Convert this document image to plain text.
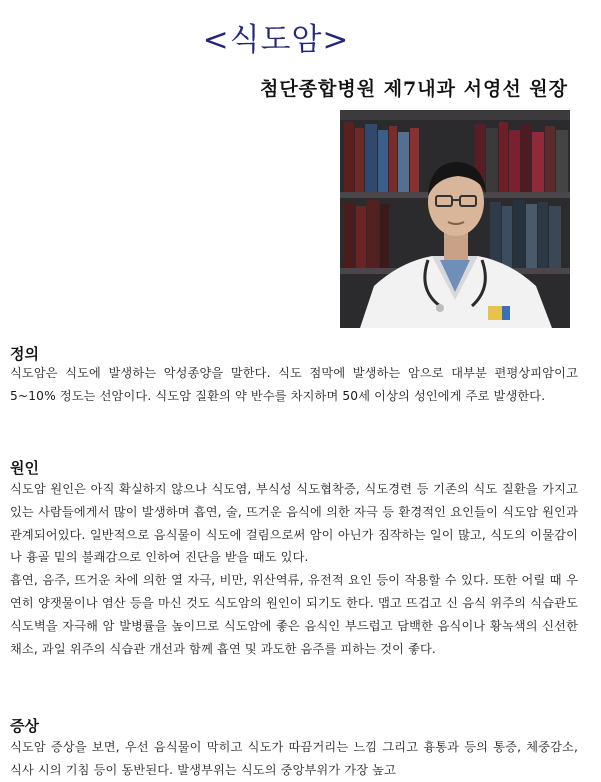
<식도암>
첨단종합병원 제7내과 서영선 원장
정의

식도암은 식도에 발생하는 악성종양을 말한다. 식도 점막에 발생하는 암으로 대부분 편평상피암이고 5~10% 정도는 선암이다. 식도암 질환의 약 반수를 차지하며 50세 이상의 성인에게 주로 발생한다.

원인

식도암 원인은 아직 확실하지 않으나 식도염, 부식성 식도협착증, 식도경련 등 기존의 식도 질환을 가지고 있는 사람들에게서 많이 발생하며 흡연, 술, 뜨거운 음식에 의한 자극 등 환경적인 요인들이 식도암 원인과 관계되어있다. 일반적으로 음식물이 식도에 걸림으로써 암이 아닌가 짐작하는 일이 많고, 식도의 이물감이나 흉골 밑의 불쾌감으로 인하여 진단을 받을 때도 있다.

흡연, 음주, 뜨거운 차에 의한 열 자극, 비만, 위산역류, 유전적 요인 등이 작용할 수 있다. 또한 어릴 때 우연히 양잿물이나 염산 등을 마신 것도 식도암의 원인이 되기도 한다. 맵고 뜨겁고 신 음식 위주의 식습관도 식도벽을 자극해 암 발병률을 높이므로 식도암에 좋은 음식인 부드럽고 담백한 음식이나 황녹색의 신선한 채소, 과일 위주의 식습관 개선과 함께 흡연 및 과도한 음주를 피하는 것이 좋다.

증상

식도암 증상을 보면, 우선 음식물이 막히고 식도가 따끔거리는 느낌 그리고 흉통과 등의 통증, 체중감소, 식사 시의 기침 등이 동반된다. 발생부위는 식도의 중앙부위가 가장 높고
